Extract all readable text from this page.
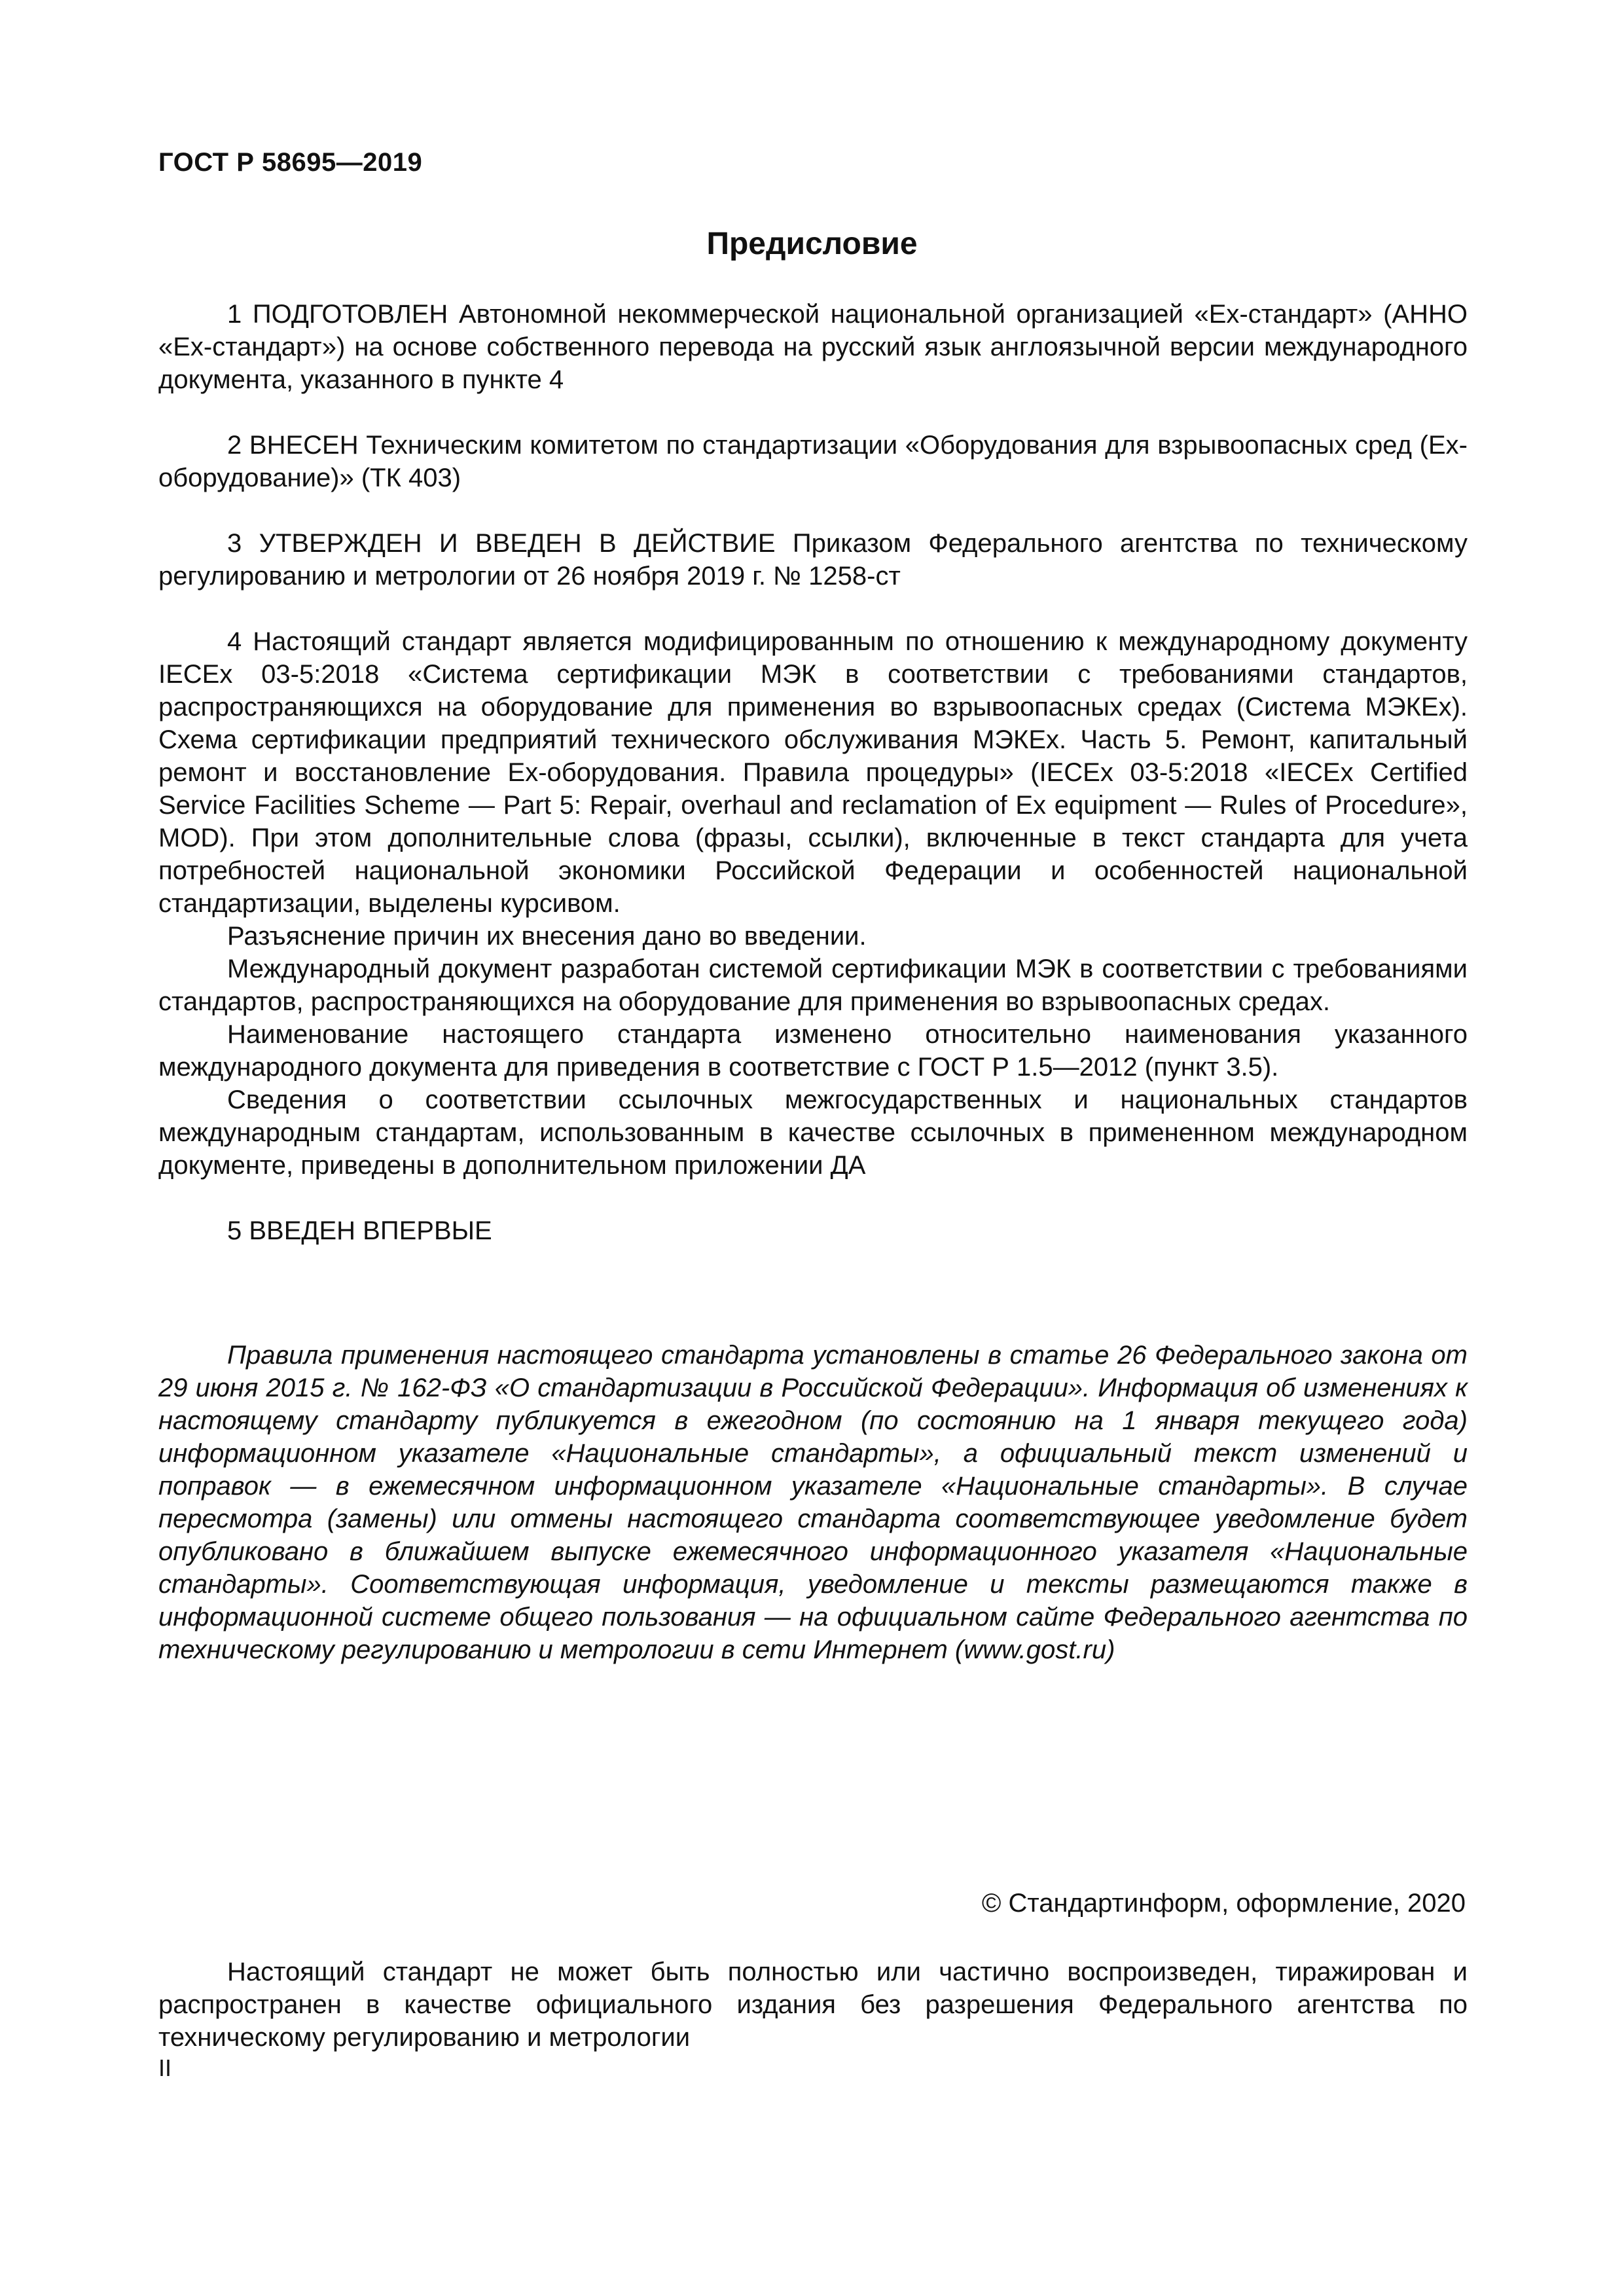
ГОСТ Р 58695—2019
Предисловие

1 ПОДГОТОВЛЕН Автономной некоммерческой национальной организацией «Ех-стандарт» (АННО «Ех-стандарт») на основе собственного перевода на русский язык англоязычной версии международного документа, указанного в пункте 4

2 ВНЕСЕН Техническим комитетом по стандартизации «Оборудования для взрывоопасных сред (Ех-оборудование)» (ТК 403)

3 УТВЕРЖДЕН И ВВЕДЕН В ДЕЙСТВИЕ Приказом Федерального агентства по техническому регулированию и метрологии от 26 ноября 2019 г. № 1258-ст

4 Настоящий стандарт является модифицированным по отношению к международному документу IECEx 03-5:2018 «Система сертификации МЭК в соответствии с требованиями стандартов, распространяющихся на оборудование для применения во взрывоопасных средах (Система МЭКЕх). Схема сертификации предприятий технического обслуживания МЭКЕх. Часть 5. Ремонт, капитальный ремонт и восстановление Ex-оборудования. Правила процедуры» (IECEx 03-5:2018 «IECEx Certified Service Facilities Scheme — Part 5: Repair, overhaul and reclamation of Ex equipment — Rules of Procedure», MOD). При этом дополнительные слова (фразы, ссылки), включенные в текст стандарта для учета потребностей национальной экономики Российской Федерации и особенностей национальной стандартизации, выделены курсивом.

Разъяснение причин их внесения дано во введении.

Международный документ разработан системой сертификации МЭК в соответствии с требованиями стандартов, распространяющихся на оборудование для применения во взрывоопасных средах.

Наименование настоящего стандарта изменено относительно наименования указанного международного документа для приведения в соответствие с ГОСТ Р 1.5—2012 (пункт 3.5).

Сведения о соответствии ссылочных межгосударственных и национальных стандартов международным стандартам, использованным в качестве ссылочных в примененном международном документе, приведены в дополнительном приложении ДА

5 ВВЕДЕН ВПЕРВЫЕ

Правила применения настоящего стандарта установлены в статье 26 Федерального закона от 29 июня 2015 г. № 162-ФЗ «О стандартизации в Российской Федерации». Информация об изменениях к настоящему стандарту публикуется в ежегодном (по состоянию на 1 января текущего года) информационном указателе «Национальные стандарты», а официальный текст изменений и поправок — в ежемесячном информационном указателе «Национальные стандарты». В случае пересмотра (замены) или отмены настоящего стандарта соответствующее уведомление будет опубликовано в ближайшем выпуске ежемесячного информационного указателя «Национальные стандарты». Соответствующая информация, уведомление и тексты размещаются также в информационной системе общего пользования — на официальном сайте Федерального агентства по техническому регулированию и метрологии в сети Интернет (www.gost.ru)

© Стандартинформ, оформление, 2020

Настоящий стандарт не может быть полностью или частично воспроизведен, тиражирован и распространен в качестве официального издания без разрешения Федерального агентства по техническому регулированию и метрологии

II
